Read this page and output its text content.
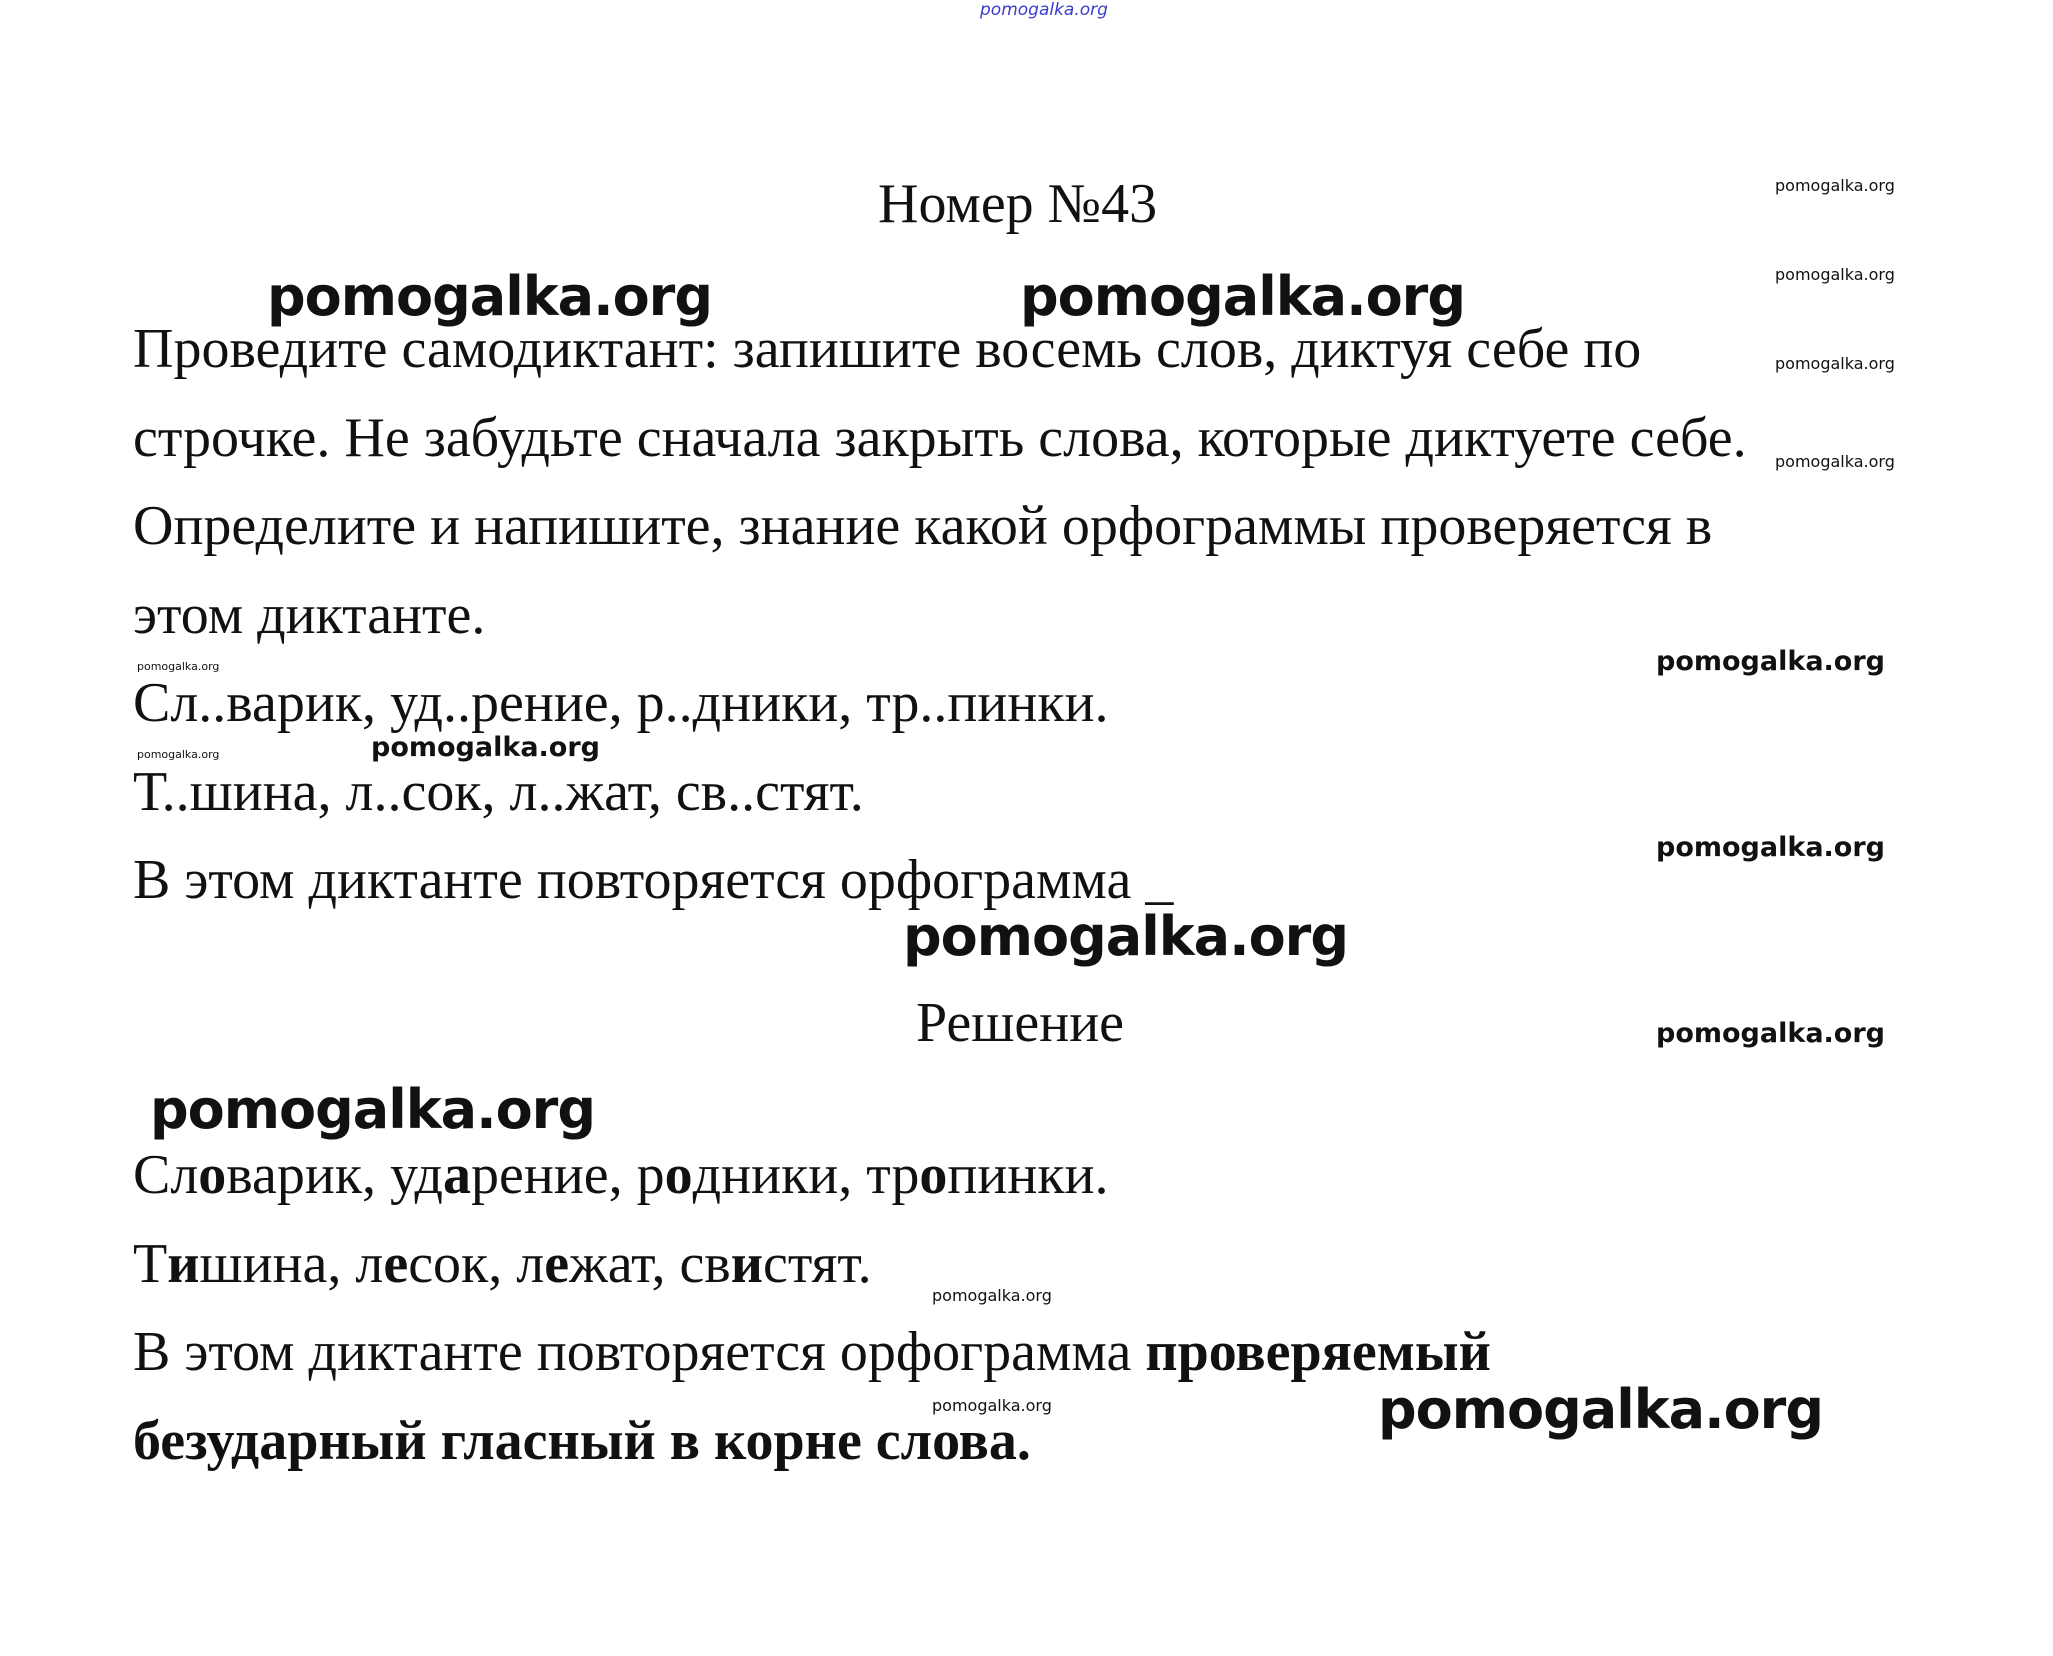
pomogalka.org
Номер №43	pomogalka.org
pomogalka.org
pomogalka.org
pomogalka.org
pomogalka.org	pomogalka.org
Проведите самодиктант: запишите восемь слов, диктуя себе по
строчке. Не забудьте сначала закрыть слова, которые диктуете себе.
Определите и напишите, знание какой орфограммы проверяется в
этом диктанте.
pomogalka.org
pomogalka.org
pomogalka.org
pomogalka.org
pomogalka.org
pomogalka.org
Сл..варик, уд..рение, р..дники, тр..пинки.
Т..шина, л..сок, л..жат, св..стят.
В этом диктанте повторяется орфограмма _
pomogalka.org
Решение
pomogalka.org
Словарик, ударение, родники, тропинки.
Тишина, лесок, лежат, свистят.
pomogalka.org
В этом диктанте повторяется орфограмма проверяемый
pomogalka.org
безударный гласный в корне слова.	pomogalka.org
